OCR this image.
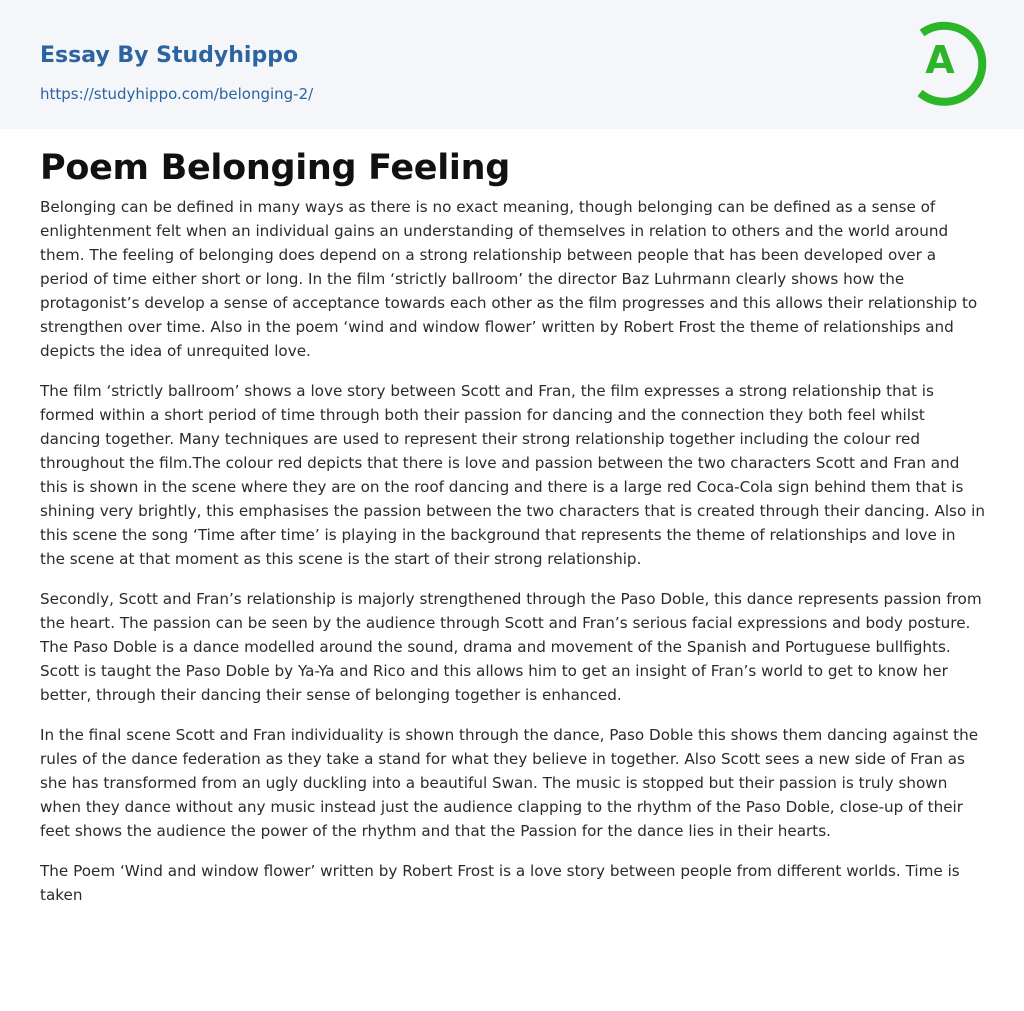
Essay By Studyhippo
https://studyhippo.com/belonging-2/
A
Poem Belonging Feeling

Belonging can be defined in many ways as there is no exact meaning, though belonging can be defined as a sense of enlightenment felt when an individual gains an understanding of themselves in relation to others and the world around them. The feeling of belonging does depend on a strong relationship between people that has been developed over a period of time either short or long. In the film ‘strictly ballroom’ the director Baz Luhrmann clearly shows how the protagonist’s develop a sense of acceptance towards each other as the film progresses and this allows their relationship to strengthen over time. Also in the poem ‘wind and window flower’ written by Robert Frost the theme of relationships and depicts the idea of unrequited love.

The film ‘strictly ballroom’ shows a love story between Scott and Fran, the film expresses a strong relationship that is formed within a short period of time through both their passion for dancing and the connection they both feel whilst dancing together. Many techniques are used to represent their strong relationship together including the colour red throughout the film.The colour red depicts that there is love and passion between the two characters Scott and Fran and this is shown in the scene where they are on the roof dancing and there is a large red Coca-Cola sign behind them that is shining very brightly, this emphasises the passion between the two characters that is created through their dancing. Also in this scene the song ‘Time after time’ is playing in the background that represents the theme of relationships and love in the scene at that moment as this scene is the start of their strong relationship.

Secondly, Scott and Fran’s relationship is majorly strengthened through the Paso Doble, this dance represents passion from the heart. The passion can be seen by the audience through Scott and Fran’s serious facial expressions and body posture. The Paso Doble is a dance modelled around the sound, drama and movement of the Spanish and Portuguese bullfights. Scott is taught the Paso Doble by Ya-Ya and Rico and this allows him to get an insight of Fran’s world to get to know her better, through their dancing their sense of belonging together is enhanced.

In the final scene Scott and Fran individuality is shown through the dance, Paso Doble this shows them dancing against the rules of the dance federation as they take a stand for what they believe in together. Also Scott sees a new side of Fran as she has transformed from an ugly duckling into a beautiful Swan. The music is stopped but their passion is truly shown when they dance without any music instead just the audience clapping to the rhythm of the Paso Doble, close-up of their feet shows the audience the power of the rhythm and that the Passion for the dance lies in their hearts.

The Poem ‘Wind and window flower’ written by Robert Frost is a love story between people from different worlds. Time is taken
